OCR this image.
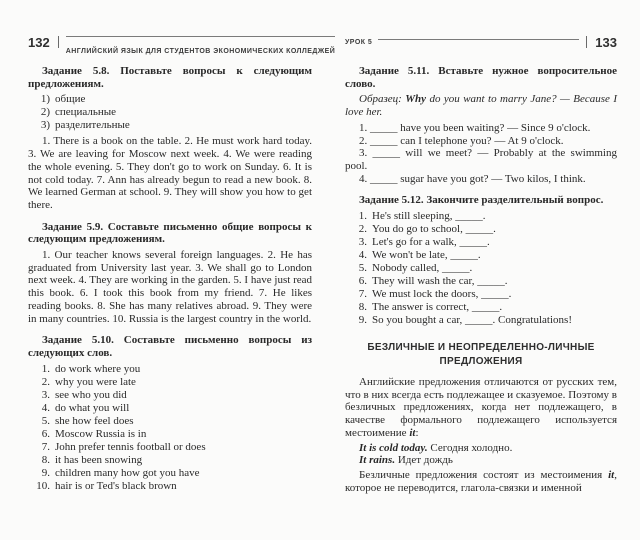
132
АНГЛИЙСКИЙ ЯЗЫК ДЛЯ СТУДЕНТОВ ЭКОНОМИЧЕСКИХ КОЛЛЕДЖЕЙ

Задание 5.8. Поставьте вопросы к следующим предложениям.

1) общие
2) специальные
3) разделительные

1. There is a book on the table. 2. He must work hard today. 3. We are leaving for Moscow next week. 4. We were reading the whole evening. 5. They don't go to work on Sunday. 6. It is not cold today. 7. Ann has already begun to read a new book. 8. We learned German at school. 9. They will show you how to get there.

Задание 5.9. Составьте письменно общие вопросы к следующим предложениям.

1. Our teacher knows several foreign languages. 2. He has graduated from University last year. 3. We shall go to London next week. 4. They are working in the garden. 5. I have just read this book. 6. I took this book from my friend. 7. He likes reading books. 8. She has many relatives abroad. 9. They were in many countries. 10. Russia is the largest country in the world.

Задание 5.10. Составьте письменно вопросы из следующих слов.

1. do work where you
2. why you were late
3. see who you did
4. do what you will
5. she how feel does
6. Moscow Russia is in
7. John prefer tennis football or does
8. it has been snowing
9. children many how got you have
10. hair is or Ted's black brown
УРОК 5	133

Задание 5.11. Вставьте нужное вопросительное слово.

Образец: Why do you want to marry Jane? — Because I love her.

1. _____ have you been waiting? — Since 9 o'clock.

2. _____ can I telephone you? — At 9 o'clock.

3. _____ will we meet? — Probably at the swimming pool.

4. _____ sugar have you got? — Two kilos, I think.

Задание 5.12. Закончите разделительный вопрос.

1. He's still sleeping, _____.
2. You do go to school, _____.
3. Let's go for a walk, _____.
4. We won't be late, _____.
5. Nobody called, _____.
6. They will wash the car, _____.
7. We must lock the doors, _____.
8. The answer is correct, _____.
9. So you bought a car, _____. Congratulations!
БЕЗЛИЧНЫЕ И НЕОПРЕДЕЛЕННО-ЛИЧНЫЕ
ПРЕДЛОЖЕНИЯ

Английские предложения отличаются от русских тем, что в них всегда есть подлежащее и сказуемое. Поэтому в безличных предложениях, когда нет подлежащего, в качестве формального подлежащего используется местоимение it:

It is cold today. Сегодня холодно.

It rains. Идет дождь

Безличные предложения состоят из местоимения it, которое не переводится, глагола-связки и именной
